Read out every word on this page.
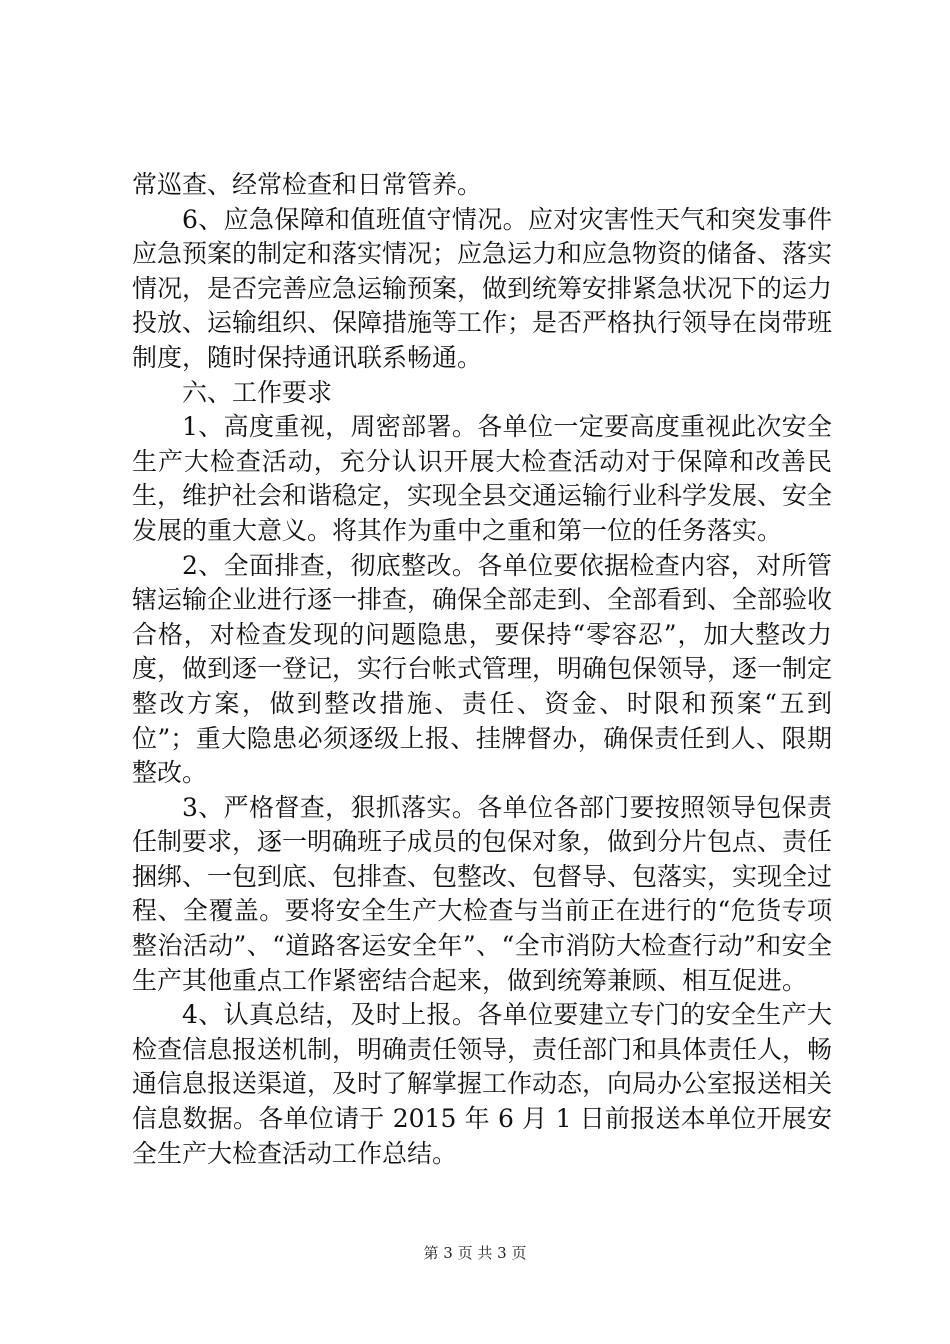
常巡查、经常检查和日常管养。

6、应急保障和值班值守情况。应对灾害性天气和突发事件应急预案的制定和落实情况；应急运力和应急物资的储备、落实情况，是否完善应急运输预案，做到统筹安排紧急状况下的运力投放、运输组织、保障措施等工作；是否严格执行领导在岗带班制度，随时保持通讯联系畅通。

六、工作要求

1、高度重视，周密部署。各单位一定要高度重视此次安全生产大检查活动，充分认识开展大检查活动对于保障和改善民生，维护社会和谐稳定，实现全县交通运输行业科学发展、安全发展的重大意义。将其作为重中之重和第一位的任务落实。

2、全面排查，彻底整改。各单位要依据检查内容，对所管辖运输企业进行逐一排查，确保全部走到、全部看到、全部验收合格，对检查发现的问题隐患，要保持“零容忍”，加大整改力度，做到逐一登记，实行台帐式管理，明确包保领导，逐一制定整改方案，做到整改措施、责任、资金、时限和预案“五到位”；重大隐患必须逐级上报、挂牌督办，确保责任到人、限期整改。

3、严格督查，狠抓落实。各单位各部门要按照领导包保责任制要求，逐一明确班子成员的包保对象，做到分片包点、责任捆绑、一包到底、包排查、包整改、包督导、包落实，实现全过程、全覆盖。要将安全生产大检查与当前正在进行的“危货专项整治活动”、“道路客运安全年”、“全市消防大检查行动”和安全生产其他重点工作紧密结合起来，做到统筹兼顾、相互促进。

4、认真总结，及时上报。各单位要建立专门的安全生产大检查信息报送机制，明确责任领导，责任部门和具体责任人，畅通信息报送渠道，及时了解掌握工作动态，向局办公室报送相关信息数据。各单位请于 2015 年 6 月 1 日前报送本单位开展安全生产大检查活动工作总结。

第 3 页 共 3 页
